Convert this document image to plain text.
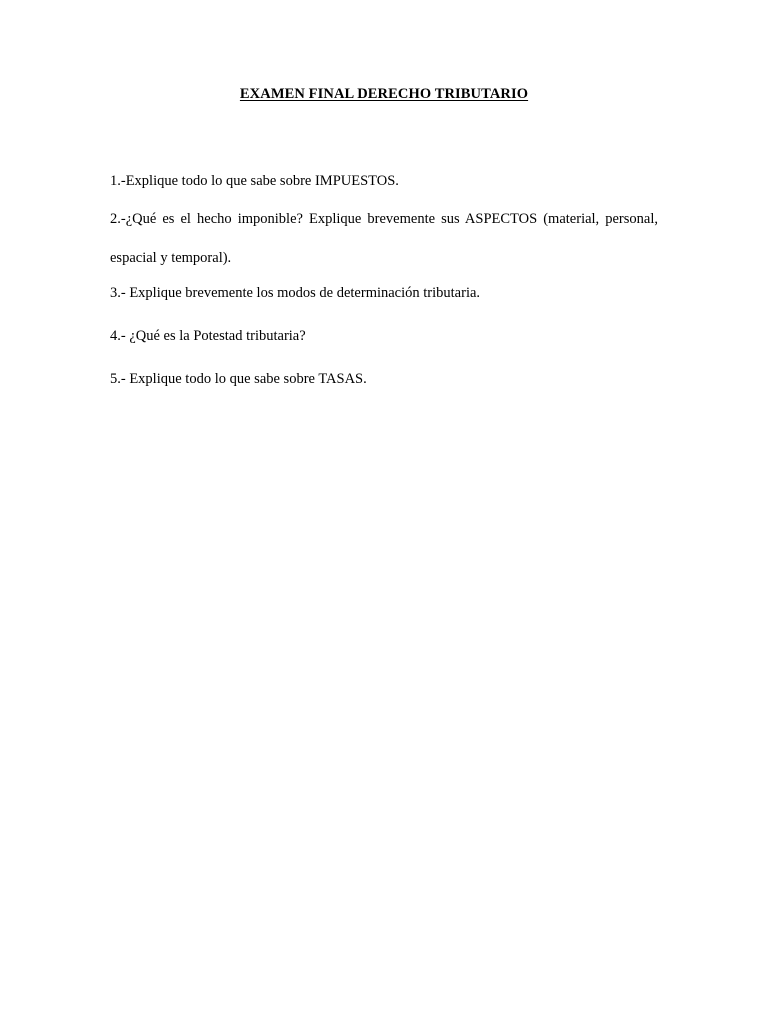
EXAMEN FINAL DERECHO TRIBUTARIO
1.-Explique todo lo que sabe sobre IMPUESTOS.
2.-¿Qué es el hecho imponible? Explique brevemente sus ASPECTOS (material, personal, espacial y temporal).
3.- Explique brevemente los modos de determinación tributaria.
4.- ¿Qué es la Potestad tributaria?
5.- Explique todo lo que sabe sobre TASAS.
